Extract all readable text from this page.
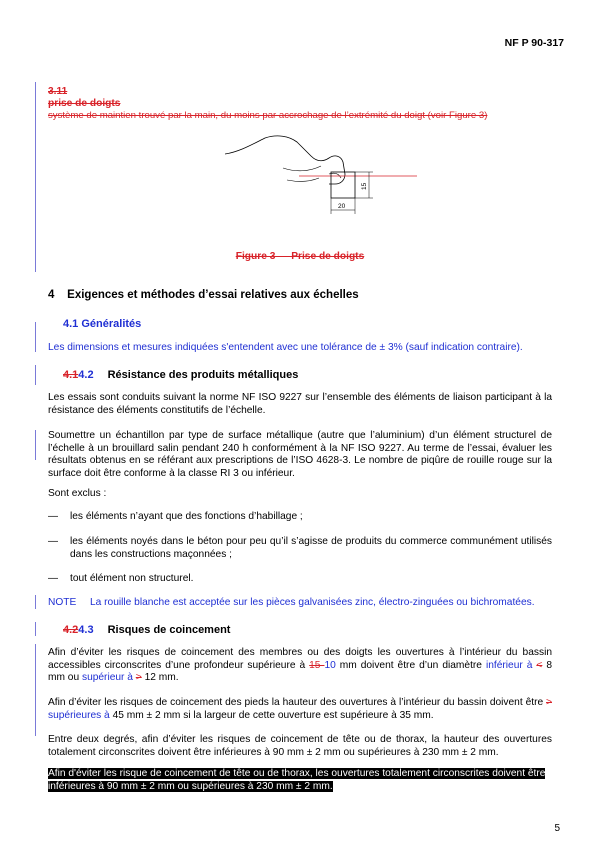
NF P 90-317
3.11
prise de doigts
système de maintien trouvé par la main, du moins par accrochage de l’extrémité du doigt (voir Figure 3)
20
15
Figure 3 — Prise de doigts
4    Exigences et méthodes d’essai relatives aux échelles
4.1 Généralités
Les dimensions et mesures indiquées s'entendent avec une tolérance de ± 3% (sauf indication contraire).
4.14.2 Résistance des produits métalliques
Les essais sont conduits suivant la norme NF ISO 9227 sur l’ensemble des éléments de liaison participant à la résistance des éléments constitutifs de l’échelle.
Soumettre un échantillon par type de surface métallique (autre que l’aluminium) d’un élément structurel de l’échelle à un brouillard salin pendant 240 h conformément à la NF ISO 9227. Au terme de l’essai, évaluer les résultats obtenus en se référant aux prescriptions de l’ISO 4628-3. Le nombre de piqûre de rouille rouge sur la surface doit être conforme à la classe RI 3 ou inférieur.
Sont exclus :
— les éléments n’ayant que des fonctions d’habillage ;
— les éléments noyés dans le béton pour peu qu’il s’agisse de produits du commerce communément utilisés dans les constructions maçonnées ;
— tout élément non structurel.
NOTE La rouille blanche est acceptée sur les pièces galvanisées zinc, électro-zinguées ou bichromatées.
4.24.3 Risques de coincement
Afin d’éviter les risques de coincement des membres ou des doigts les ouvertures à l’intérieur du bassin accessibles circonscrites d’une profondeur supérieure à 15 10 mm doivent être d’un diamètre inférieur à < 8 mm ou supérieur à > 12 mm.
Afin d’éviter les risques de coincement des pieds la hauteur des ouvertures à l’intérieur du bassin doivent être > supérieures à 45 mm ± 2 mm si la largeur de cette ouverture est supérieure à 35 mm.
Entre deux degrés, afin d’éviter les risques de coincement de tête ou de thorax, la hauteur des ouvertures totalement circonscrites doivent être inférieures à 90 mm ± 2 mm ou supérieures à 230 mm ± 2 mm.
Afin d'éviter les risque de coincement de tête ou de thorax, les ouvertures totalement circonscrites doivent être
inférieures à 90 mm ± 2 mm ou supérieures à 230 mm ± 2 mm.
5
